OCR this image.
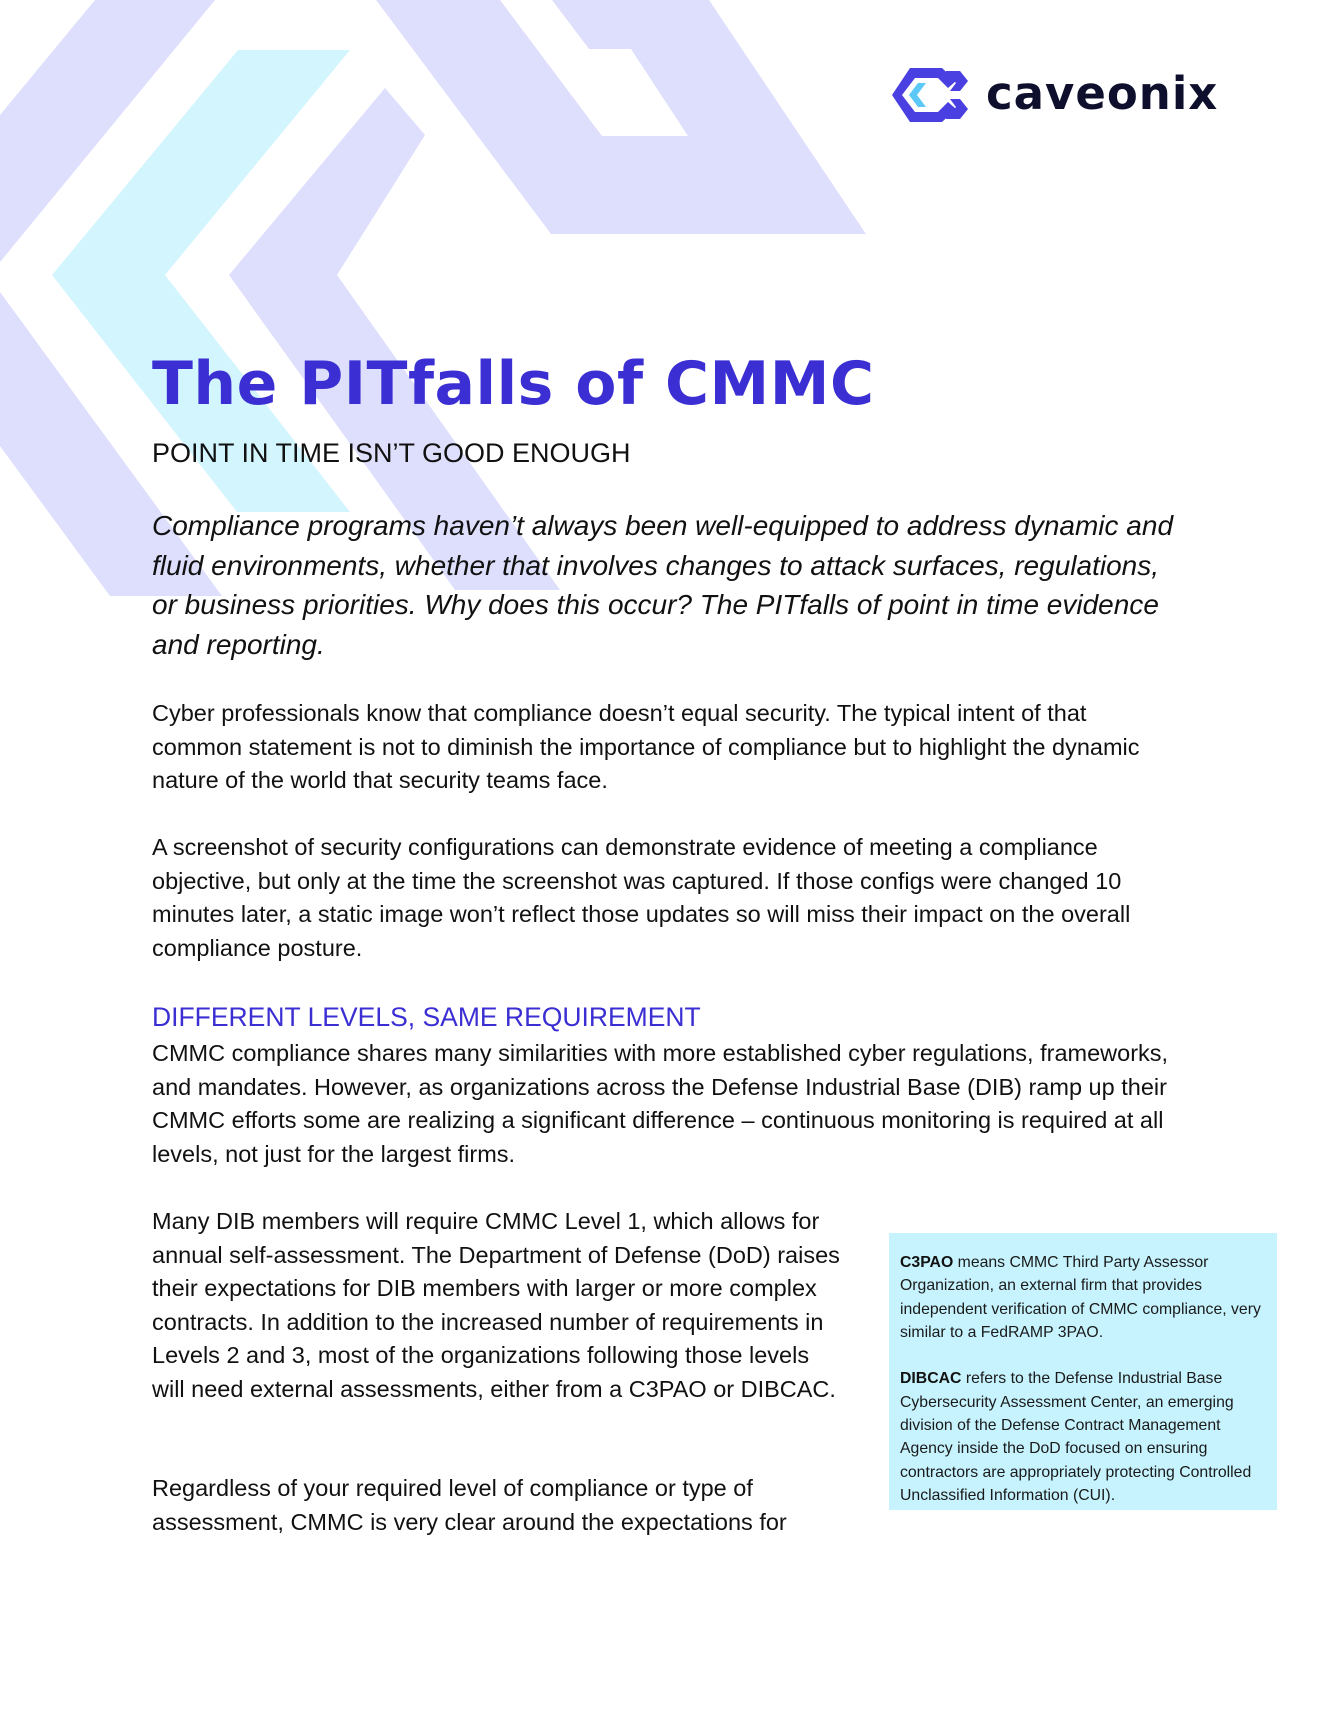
caveonix
The PITfalls of CMMC
POINT IN TIME ISN’T GOOD ENOUGH

Compliance programs haven’t always been well-equipped to address dynamic and fluid environments, whether that involves changes to attack surfaces, regulations, or business priorities. Why does this occur? The PITfalls of point in time evidence and reporting.

Cyber professionals know that compliance doesn’t equal security. The typical intent of that common statement is not to diminish the importance of compliance but to highlight the dynamic nature of the world that security teams face.

A screenshot of security configurations can demonstrate evidence of meeting a compliance objective, but only at the time the screenshot was captured. If those configs were changed 10 minutes later, a static image won’t reflect those updates so will miss their impact on the overall compliance posture.

DIFFERENT LEVELS, SAME REQUIREMENT

CMMC compliance shares many similarities with more established cyber regulations, frameworks, and mandates. However, as organizations across the Defense Industrial Base (DIB) ramp up their CMMC efforts some are realizing a significant difference – continuous monitoring is required at all levels, not just for the largest firms.

Many DIB members will require CMMC Level 1, which allows for annual self-assessment. The Department of Defense (DoD) raises their expectations for DIB members with larger or more complex contracts. In addition to the increased number of requirements in Levels 2 and 3, most of the organizations following those levels will need external assessments, either from a C3PAO or DIBCAC.

Regardless of your required level of compliance or type of assessment, CMMC is very clear around the expectations for

C3PAO means CMMC Third Party Assessor Organization, an external firm that provides independent verification of CMMC compliance, very similar to a FedRAMP 3PAO.

DIBCAC refers to the Defense Industrial Base Cybersecurity Assessment Center, an emerging division of the Defense Contract Management Agency inside the DoD focused on ensuring contractors are appropriately protecting Controlled Unclassified Information (CUI).
